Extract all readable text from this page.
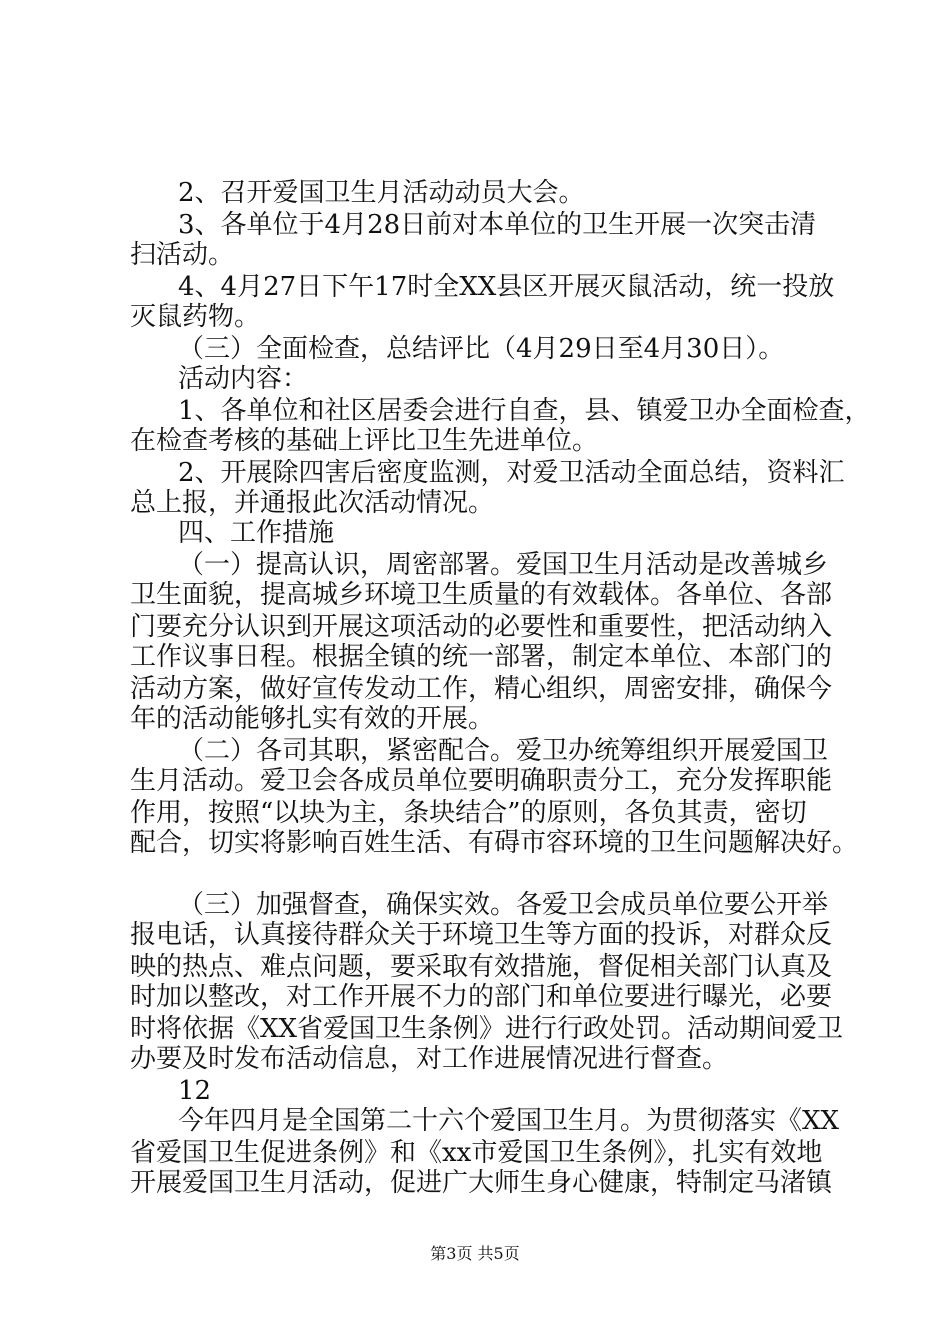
2、召开爱国卫生月活动动员大会。
3、各单位于4月28日前对本单位的卫生开展一次突击清
扫活动。
4、4月27日下午17时全XX县区开展灭鼠活动，统一投放
灭鼠药物。
（三）全面检查，总结评比（4月29日至4月30日）。
活动内容：
1、各单位和社区居委会进行自查，县、镇爱卫办全面检查，
在检查考核的基础上评比卫生先进单位。
2、开展除四害后密度监测，对爱卫活动全面总结，资料汇
总上报，并通报此次活动情况。
四、工作措施
（一）提高认识，周密部署。爱国卫生月活动是改善城乡
卫生面貌，提高城乡环境卫生质量的有效载体。各单位、各部
门要充分认识到开展这项活动的必要性和重要性，把活动纳入
工作议事日程。根据全镇的统一部署，制定本单位、本部门的
活动方案，做好宣传发动工作，精心组织，周密安排，确保今
年的活动能够扎实有效的开展。
（二）各司其职，紧密配合。爱卫办统筹组织开展爱国卫
生月活动。爱卫会各成员单位要明确职责分工，充分发挥职能
作用，按照“以块为主，条块结合”的原则，各负其责，密切
配合，切实将影响百姓生活、有碍市容环境的卫生问题解决好。
（三）加强督查，确保实效。各爱卫会成员单位要公开举
报电话，认真接待群众关于环境卫生等方面的投诉，对群众反
映的热点、难点问题，要采取有效措施，督促相关部门认真及
时加以整改，对工作开展不力的部门和单位要进行曝光，必要
时将依据《XX省爱国卫生条例》进行行政处罚。活动期间爱卫
办要及时发布活动信息，对工作进展情况进行督查。
12
今年四月是全国第二十六个爱国卫生月。为贯彻落实《XX
省爱国卫生促进条例》和《xx市爱国卫生条例》，扎实有效地
开展爱国卫生月活动，促进广大师生身心健康，特制定马渚镇
第3页 共5页
